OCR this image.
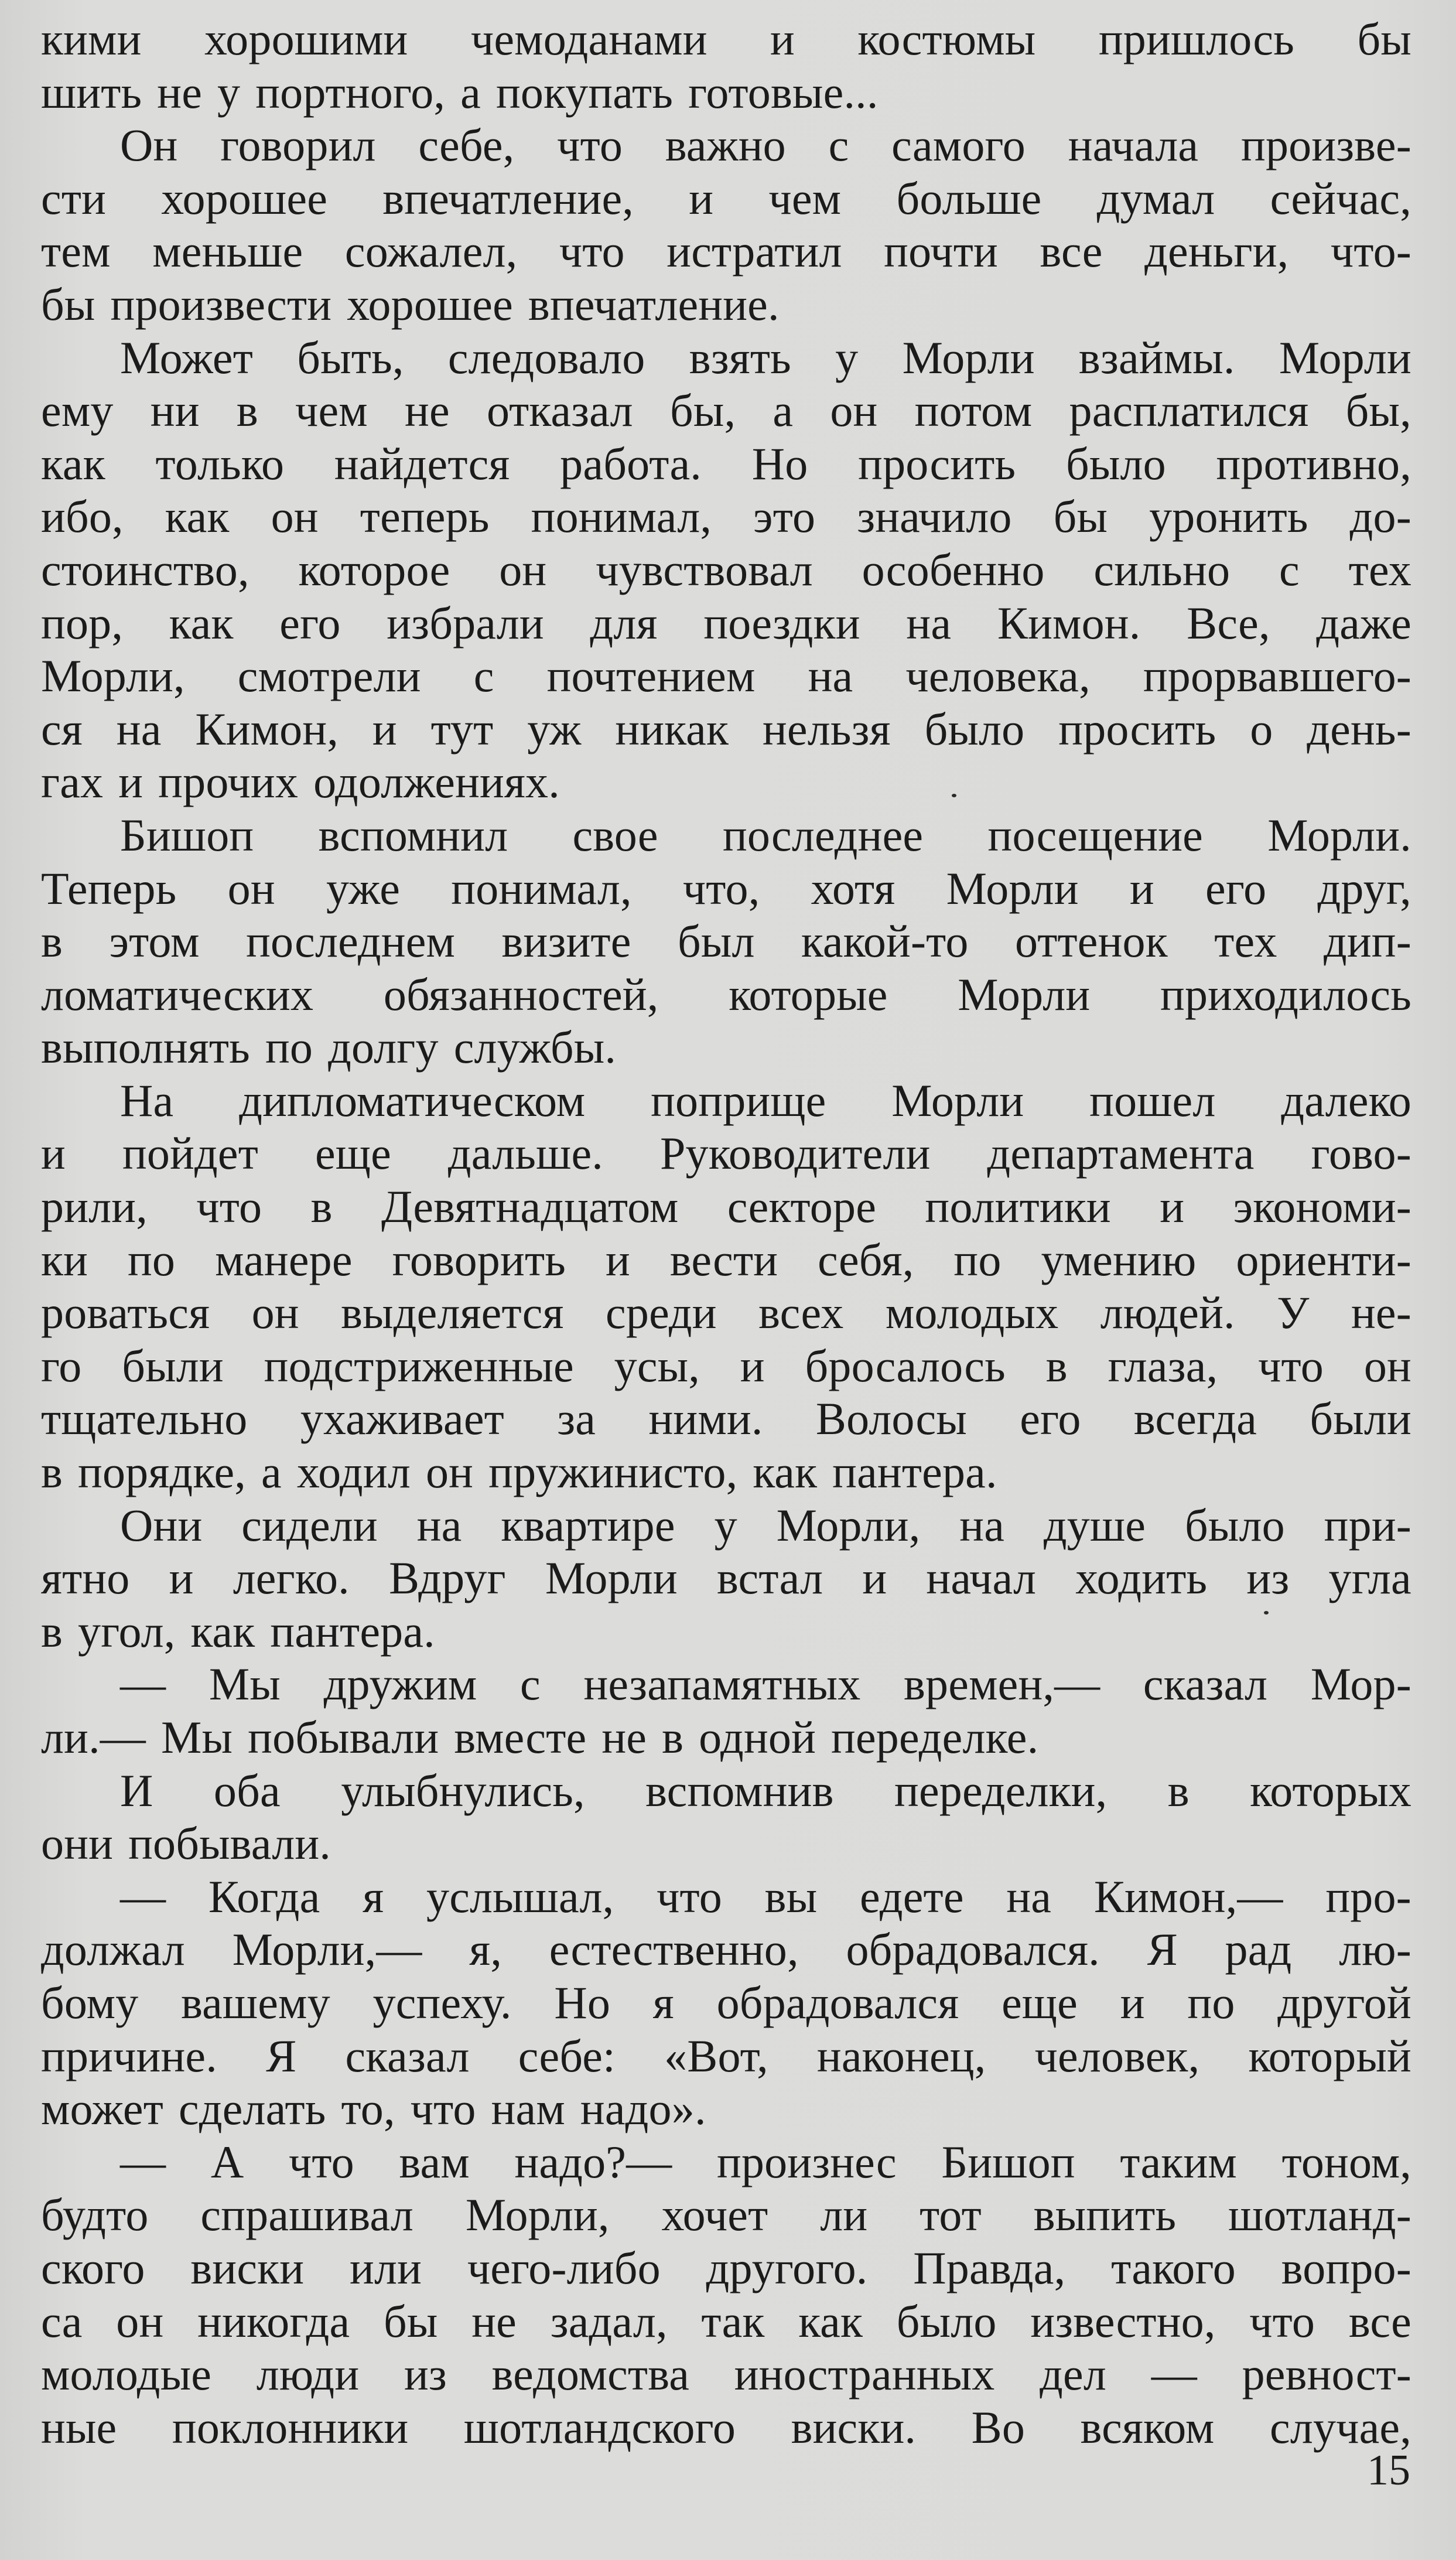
кими хорошими чемоданами и костюмы пришлось бы
шить не у портного, а покупать готовые...
Он говорил себе, что важно с самого начала произве-
сти хорошее впечатление, и чем больше думал сейчас,
тем меньше сожалел, что истратил почти все деньги, что-
бы произвести хорошее впечатление.
Может быть, следовало взять у Морли взаймы. Морли
ему ни в чем не отказал бы, а он потом расплатился бы,
как только найдется работа. Но просить было противно,
ибо, как он теперь понимал, это значило бы уронить до-
стоинство, которое он чувствовал особенно сильно с тех
пор, как его избрали для поездки на Кимон. Все, даже
Морли, смотрели с почтением на человека, прорвавшего-
ся на Кимон, и тут уж никак нельзя было просить о день-
гах и прочих одолжениях.
Бишоп вспомнил свое последнее посещение Морли.
Теперь он уже понимал, что, хотя Морли и его друг,
в этом последнем визите был какой-то оттенок тех дип-
ломатических обязанностей, которые Морли приходилось
выполнять по долгу службы.
На дипломатическом поприще Морли пошел далеко
и пойдет еще дальше. Руководители департамента гово-
рили, что в Девятнадцатом секторе политики и экономи-
ки по манере говорить и вести себя, по умению ориенти-
роваться он выделяется среди всех молодых людей. У не-
го были подстриженные усы, и бросалось в глаза, что он
тщательно ухаживает за ними. Волосы его всегда были
в порядке, а ходил он пружинисто, как пантера.
Они сидели на квартире у Морли, на душе было при-
ятно и легко. Вдруг Морли встал и начал ходить из угла
в угол, как пантера.
— Мы дружим с незапамятных времен,— сказал Мор-
ли.— Мы побывали вместе не в одной переделке.
И оба улыбнулись, вспомнив переделки, в которых
они побывали.
— Когда я услышал, что вы едете на Кимон,— про-
должал Морли,— я, естественно, обрадовался. Я рад лю-
бому вашему успеху. Но я обрадовался еще и по другой
причине. Я сказал себе: «Вот, наконец, человек, который
может сделать то, что нам надо».
— А что вам надо?— произнес Бишоп таким тоном,
будто спрашивал Морли, хочет ли тот выпить шотланд-
ского виски или чего-либо другого. Правда, такого вопро-
са он никогда бы не задал, так как было известно, что все
молодые люди из ведомства иностранных дел — ревност-
ные поклонники шотландского виски. Во всяком случае,
15
